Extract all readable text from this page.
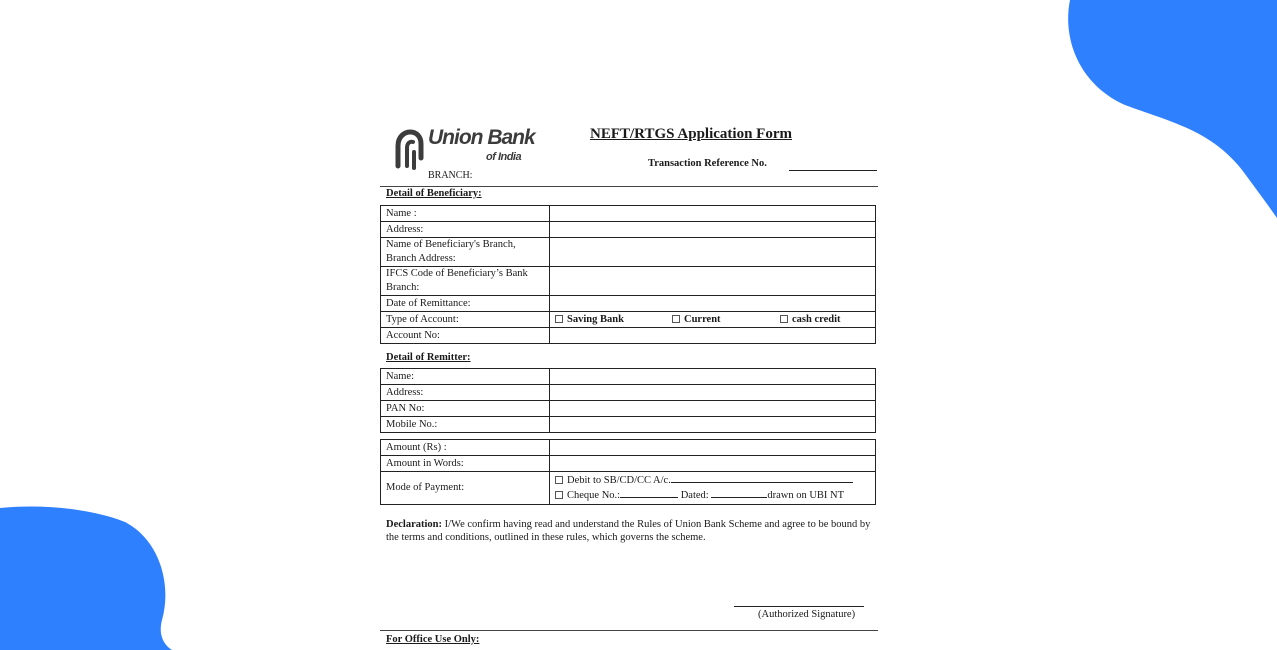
Union Bank
of India
BRANCH:
NEFT/RTGS Application Form
Transaction Reference No.
Detail of Beneficiary:
Name :	
Address:	
Name of Beneficiary's Branch,
Branch Address:	
IFCS Code of Beneficiary’s Bank
Branch:	
Date of Remittance:	
Type of Account:	Saving Bank Current cash credit
Account No:	
Detail of Remitter:
Name:	
Address:	
PAN No:	
Mobile No.:	
Amount (Rs) :	
Amount in Words:	
Mode of Payment:	Debit to SB/CD/CC A/c.
Cheque No.: Dated: drawn on UBI NT
Declaration: I/We confirm having read and understand the Rules of Union Bank Scheme and agree to be bound by the terms and conditions, outlined in these rules, which governs the scheme.
(Authorized Signature)
For Office Use Only:
